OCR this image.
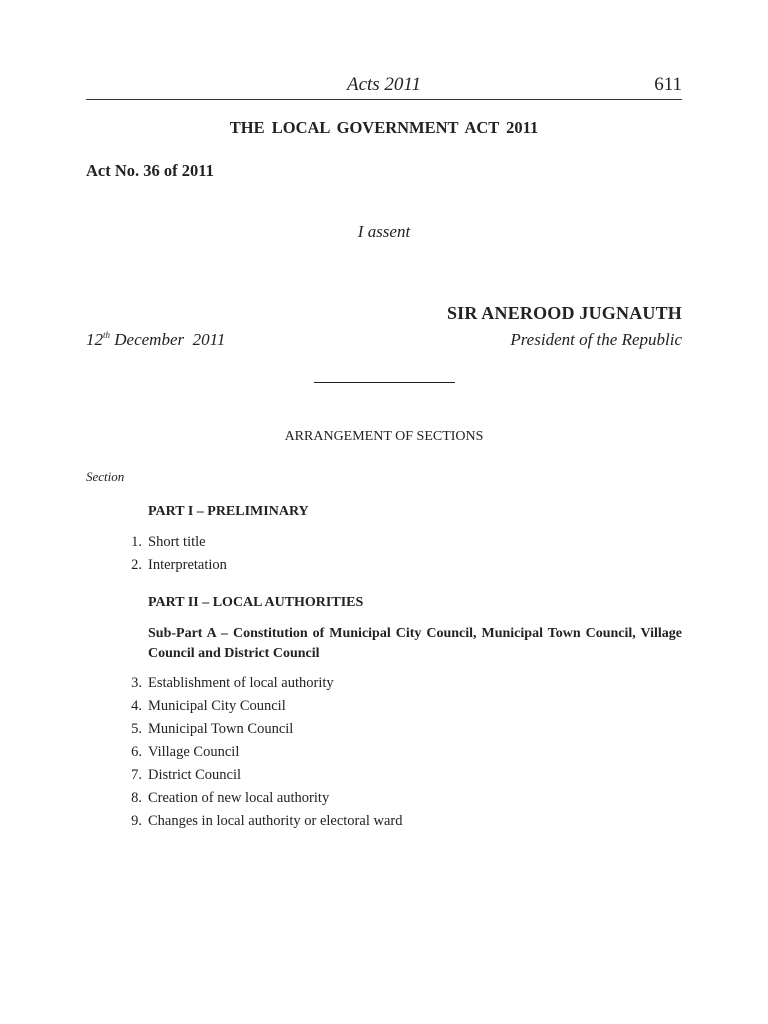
Acts 2011	611
THE LOCAL GOVERNMENT ACT 2011
Act No. 36 of 2011
I assent
SIR ANEROOD JUGNAUTH
12th December  2011	President of the Republic
ARRANGEMENT OF SECTIONS
Section
PART I – PRELIMINARY
1. Short title
2. Interpretation
PART II – LOCAL AUTHORITIES
Sub-Part A – Constitution of Municipal City Council, Municipal Town Council, Village Council and District Council
3. Establishment of local authority
4. Municipal City Council
5. Municipal Town Council
6. Village Council
7. District Council
8. Creation of new local authority
9. Changes in local authority or electoral ward
